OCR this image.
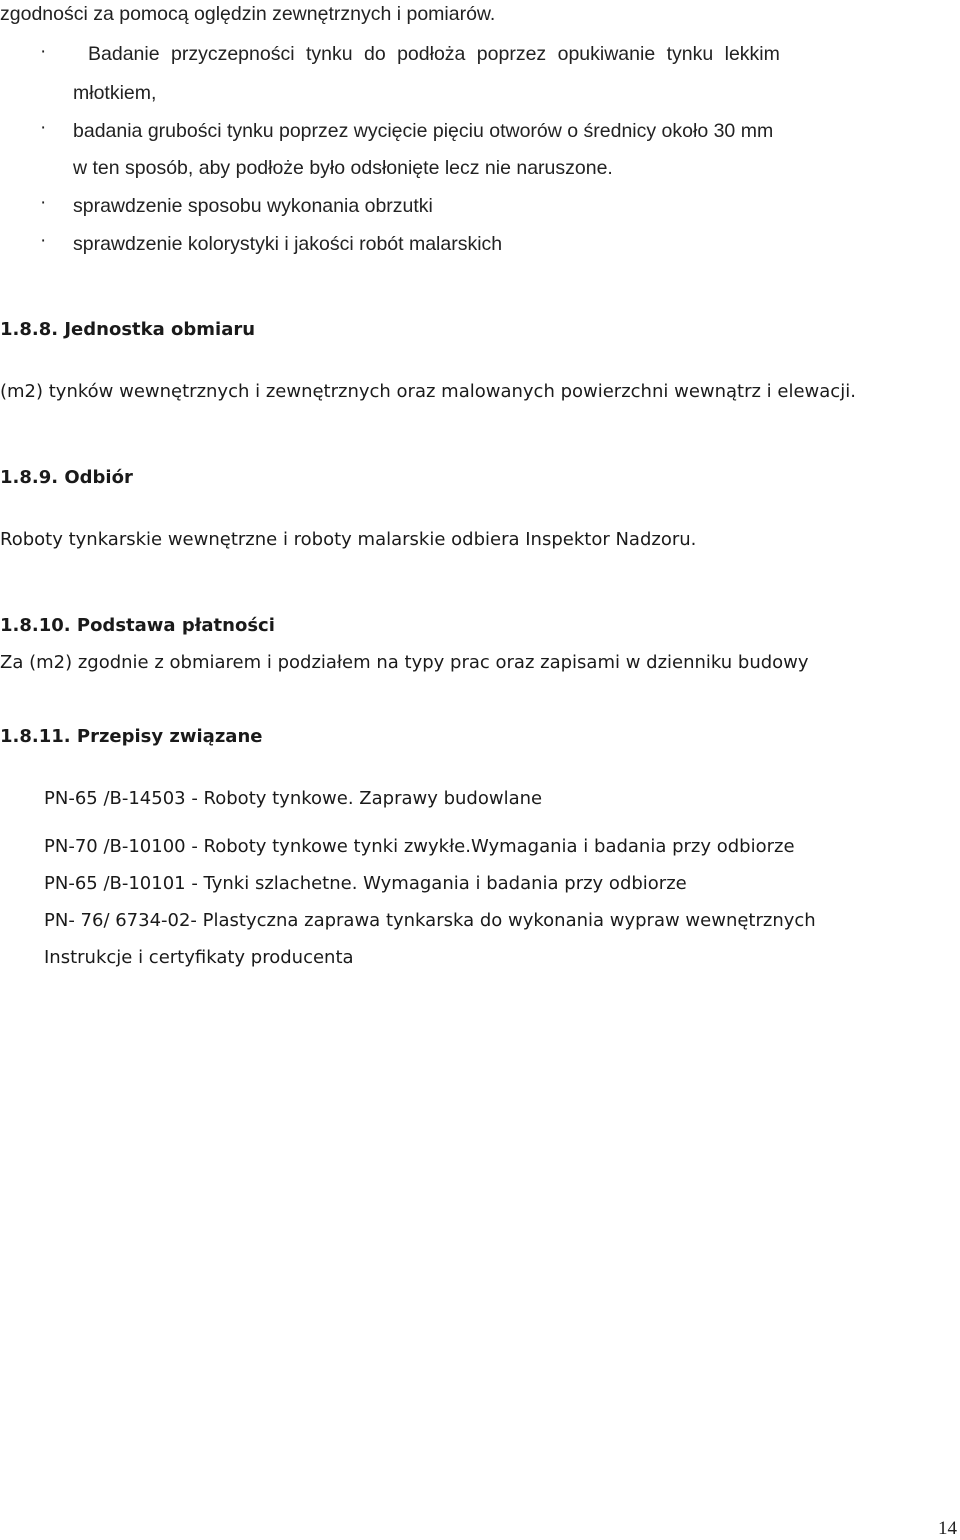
zgodności za pomocą oględzin zewnętrznych i pomiarów.
· Badanie przyczepności tynku do podłoża poprzez opukiwanie tynku lekkim
młotkiem,
· badania grubości tynku poprzez wycięcie pięciu otworów o średnicy około 30 mm
w ten sposób, aby podłoże było odsłonięte lecz nie naruszone.
· sprawdzenie sposobu wykonania obrzutki
· sprawdzenie kolorystyki i jakości robót malarskich
1.8.8. Jednostka obmiaru
(m2) tynków wewnętrznych i zewnętrznych oraz malowanych powierzchni wewnątrz i elewacji.
1.8.9. Odbiór
Roboty tynkarskie wewnętrzne i roboty malarskie odbiera Inspektor Nadzoru.
1.8.10. Podstawa płatności
Za (m2) zgodnie z obmiarem i podziałem na typy prac oraz zapisami w dzienniku budowy
1.8.11. Przepisy związane
PN-65 /B-14503 - Roboty tynkowe. Zaprawy budowlane
PN-70 /B-10100 - Roboty tynkowe tynki zwykłe.Wymagania i badania przy odbiorze
PN-65 /B-10101 - Tynki szlachetne. Wymagania i badania przy odbiorze
PN- 76/ 6734-02- Plastyczna zaprawa tynkarska do wykonania wypraw wewnętrznych
Instrukcje i certyfikaty producenta
14
